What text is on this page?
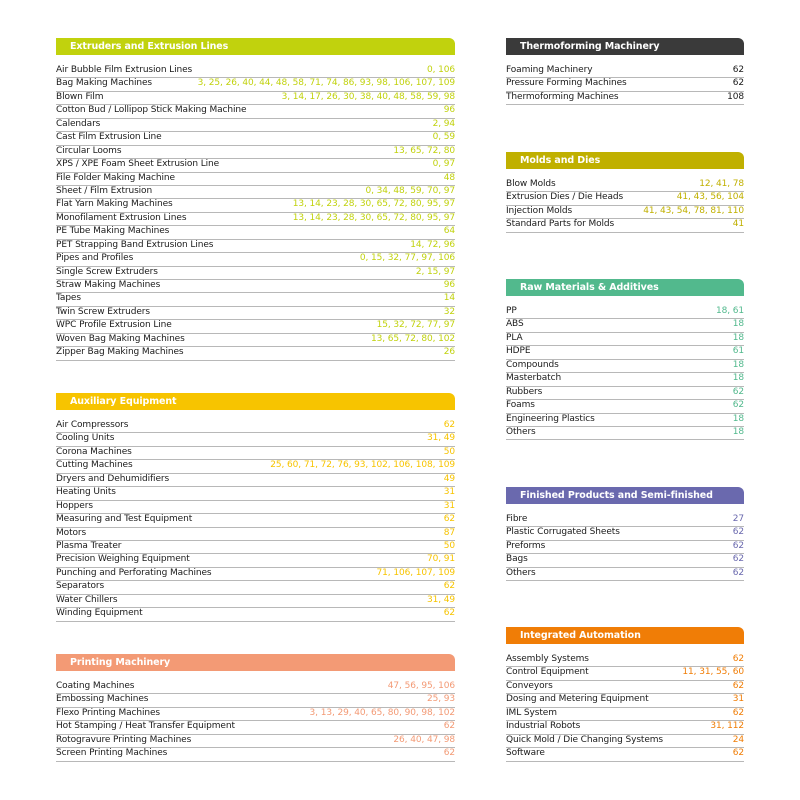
Extruders and Extrusion Lines
Air Bubble Film Extrusion Lines	0, 106
Bag Making Machines	3, 25, 26, 40, 44, 48, 58, 71, 74, 86, 93, 98, 106, 107, 109
Blown Film	3, 14, 17, 26, 30, 38, 40, 48, 58, 59, 98
Cotton Bud / Lollipop Stick Making Machine	96
Calendars	2, 94
Cast Film Extrusion Line	0, 59
Circular Looms	13, 65, 72, 80
XPS / XPE Foam Sheet Extrusion Line	0, 97
File Folder Making Machine	48
Sheet / Film Extrusion	0, 34, 48, 59, 70, 97
Flat Yarn Making Machines	13, 14, 23, 28, 30, 65, 72, 80, 95, 97
Monofilament Extrusion Lines	13, 14, 23, 28, 30, 65, 72, 80, 95, 97
PE Tube Making Machines	64
PET Strapping Band Extrusion Lines	14, 72, 96
Pipes and Profiles	0, 15, 32, 77, 97, 106
Single Screw Extruders	2, 15, 97
Straw Making Machines	96
Tapes	14
Twin Screw Extruders	32
WPC Profile Extrusion Line	15, 32, 72, 77, 97
Woven Bag Making Machines	13, 65, 72, 80, 102
Zipper Bag Making Machines	26
Auxiliary Equipment
Air Compressors	62
Cooling Units	31, 49
Corona Machines	50
Cutting Machines	25, 60, 71, 72, 76, 93, 102, 106, 108, 109
Dryers and Dehumidifiers	49
Heating Units	31
Hoppers	31
Measuring and Test Equipment	62
Motors	87
Plasma Treater	50
Precision Weighing Equipment	70, 91
Punching and Perforating Machines	71, 106, 107, 109
Separators	62
Water Chillers	31, 49
Winding Equipment	62
Printing Machinery
Coating Machines	47, 56, 95, 106
Embossing Machines	25, 93
Flexo Printing Machines	3, 13, 29, 40, 65, 80, 90, 98, 102
Hot Stamping / Heat Transfer Equipment	62
Rotogravure Printing Machines	26, 40, 47, 98
Screen Printing Machines	62
Thermoforming Machinery
Foaming Machinery	62
Pressure Forming Machines	62
Thermoforming Machines	108
Molds and Dies
Blow Molds	12, 41, 78
Extrusion Dies / Die Heads	41, 43, 56, 104
Injection Molds	41, 43, 54, 78, 81, 110
Standard Parts for Molds	41
Raw Materials & Additives
PP	18, 61
ABS	18
PLA	18
HDPE	61
Compounds	18
Masterbatch	18
Rubbers	62
Foams	62
Engineering Plastics	18
Others	18
Finished Products and Semi-finished Products
Fibre	27
Plastic Corrugated Sheets	62
Preforms	62
Bags	62
Others	62
Integrated Automation
Assembly Systems	62
Control Equipment	11, 31, 55, 60
Conveyors	62
Dosing and Metering Equipment	31
IML System	62
Industrial Robots	31, 112
Quick Mold / Die Changing Systems	24
Software	62
